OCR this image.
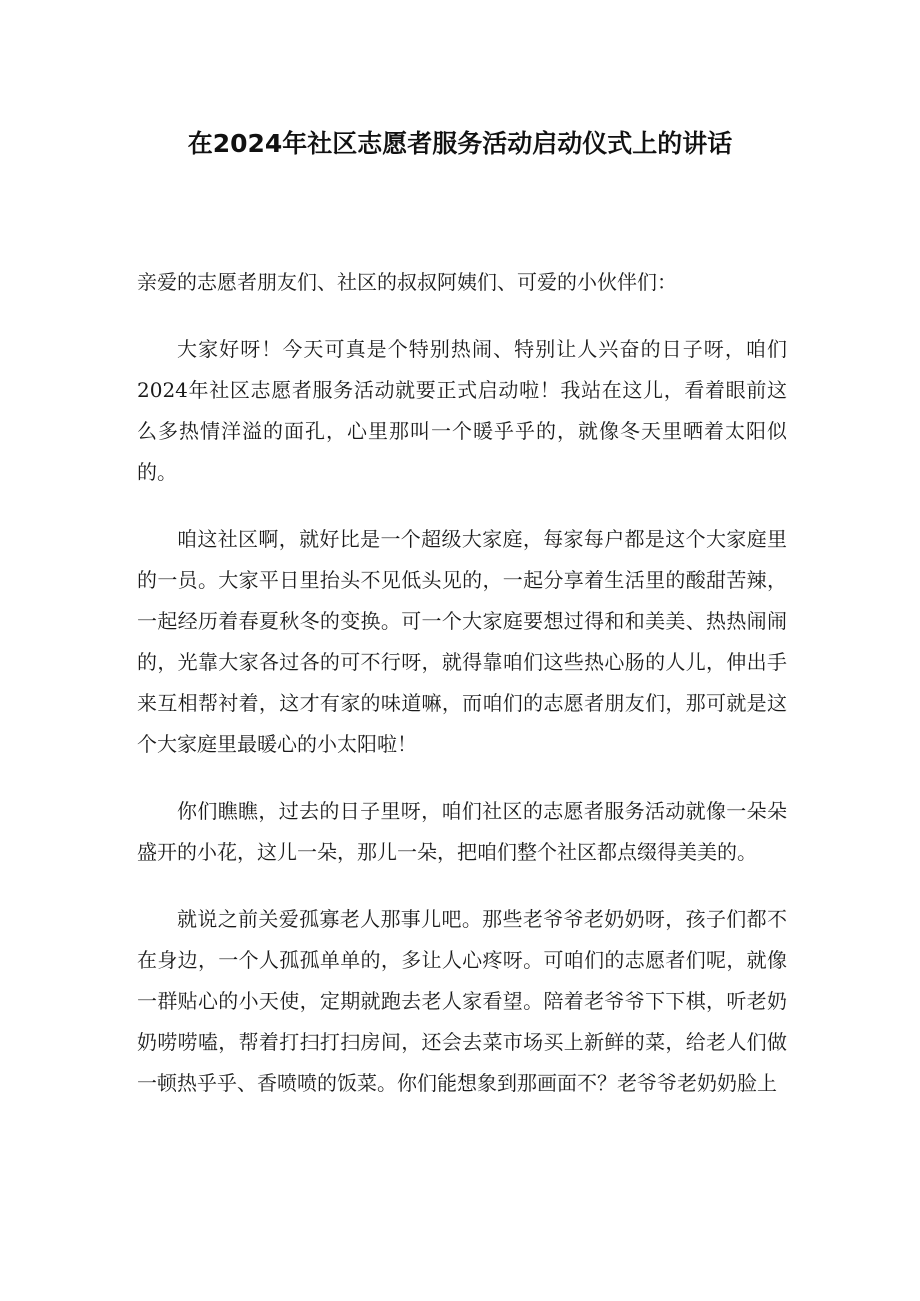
在2024年社区志愿者服务活动启动仪式上的讲话

亲爱的志愿者朋友们、社区的叔叔阿姨们、可爱的小伙伴们：

大家好呀！今天可真是个特别热闹、特别让人兴奋的日子呀，咱们2024年社区志愿者服务活动就要正式启动啦！我站在这儿，看着眼前这么多热情洋溢的面孔，心里那叫一个暖乎乎的，就像冬天里晒着太阳似的。

咱这社区啊，就好比是一个超级大家庭，每家每户都是这个大家庭里的一员。大家平日里抬头不见低头见的，一起分享着生活里的酸甜苦辣，一起经历着春夏秋冬的变换。可一个大家庭要想过得和和美美、热热闹闹的，光靠大家各过各的可不行呀，就得靠咱们这些热心肠的人儿，伸出手来互相帮衬着，这才有家的味道嘛，而咱们的志愿者朋友们，那可就是这个大家庭里最暖心的小太阳啦！

你们瞧瞧，过去的日子里呀，咱们社区的志愿者服务活动就像一朵朵盛开的小花，这儿一朵，那儿一朵，把咱们整个社区都点缀得美美的。

就说之前关爱孤寡老人那事儿吧。那些老爷爷老奶奶呀，孩子们都不在身边，一个人孤孤单单的，多让人心疼呀。可咱们的志愿者们呢，就像一群贴心的小天使，定期就跑去老人家看望。陪着老爷爷下下棋，听老奶奶唠唠嗑，帮着打扫打扫房间，还会去菜市场买上新鲜的菜，给老人们做一顿热乎乎、香喷喷的饭菜。你们能想象到那画面不？老爷爷老奶奶脸上
